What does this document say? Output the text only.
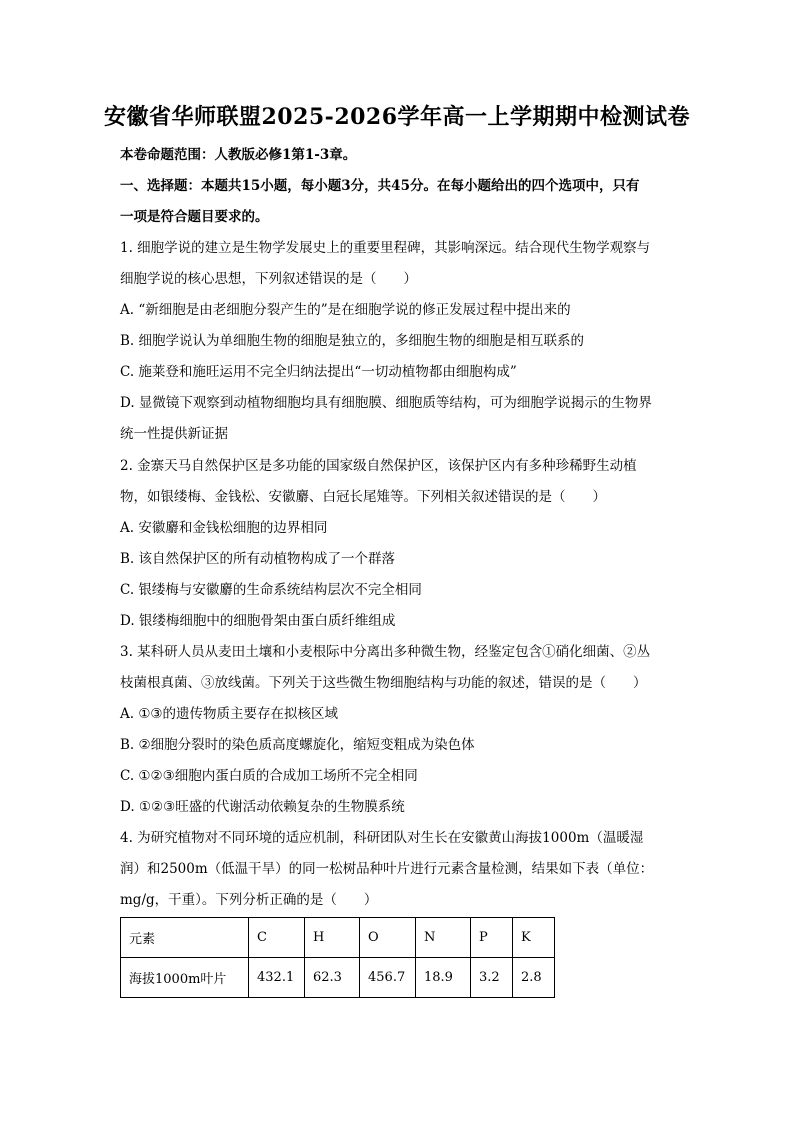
安徽省华师联盟2025-2026学年高一上学期期中检测试卷
本卷命题范围：人教版必修1第1-3章。
一、选择题：本题共15小题，每小题3分，共45分。在每小题给出的四个选项中，只有
一项是符合题目要求的。
1. 细胞学说的建立是生物学发展史上的重要里程碑，其影响深远。结合现代生物学观察与
细胞学说的核心思想，下列叙述错误的是（　　）
A. “新细胞是由老细胞分裂产生的”是在细胞学说的修正发展过程中提出来的
B. 细胞学说认为单细胞生物的细胞是独立的，多细胞生物的细胞是相互联系的
C. 施莱登和施旺运用不完全归纳法提出“一切动植物都由细胞构成”
D. 显微镜下观察到动植物细胞均具有细胞膜、细胞质等结构，可为细胞学说揭示的生物界
统一性提供新证据
2. 金寨天马自然保护区是多功能的国家级自然保护区，该保护区内有多种珍稀野生动植
物，如银缕梅、金钱松、安徽麝、白冠长尾雉等。下列相关叙述错误的是（　　）
A. 安徽麝和金钱松细胞的边界相同
B. 该自然保护区的所有动植物构成了一个群落
C. 银缕梅与安徽麝的生命系统结构层次不完全相同
D. 银缕梅细胞中的细胞骨架由蛋白质纤维组成
3. 某科研人员从麦田土壤和小麦根际中分离出多种微生物，经鉴定包含①硝化细菌、②丛
枝菌根真菌、③放线菌。下列关于这些微生物细胞结构与功能的叙述，错误的是（　　）
A. ①③的遗传物质主要存在拟核区域
B. ②细胞分裂时的染色质高度螺旋化，缩短变粗成为染色体
C. ①②③细胞内蛋白质的合成加工场所不完全相同
D. ①②③旺盛的代谢活动依赖复杂的生物膜系统
4. 为研究植物对不同环境的适应机制，科研团队对生长在安徽黄山海拔1000m（温暖湿
润）和2500m（低温干旱）的同一松树品种叶片进行元素含量检测，结果如下表（单位：
mg/g，干重）。下列分析正确的是（　　）
元素	C	H	O	N	P	K
海拔1000m叶片	432.1	62.3	456.7	18.9	3.2	2.8
